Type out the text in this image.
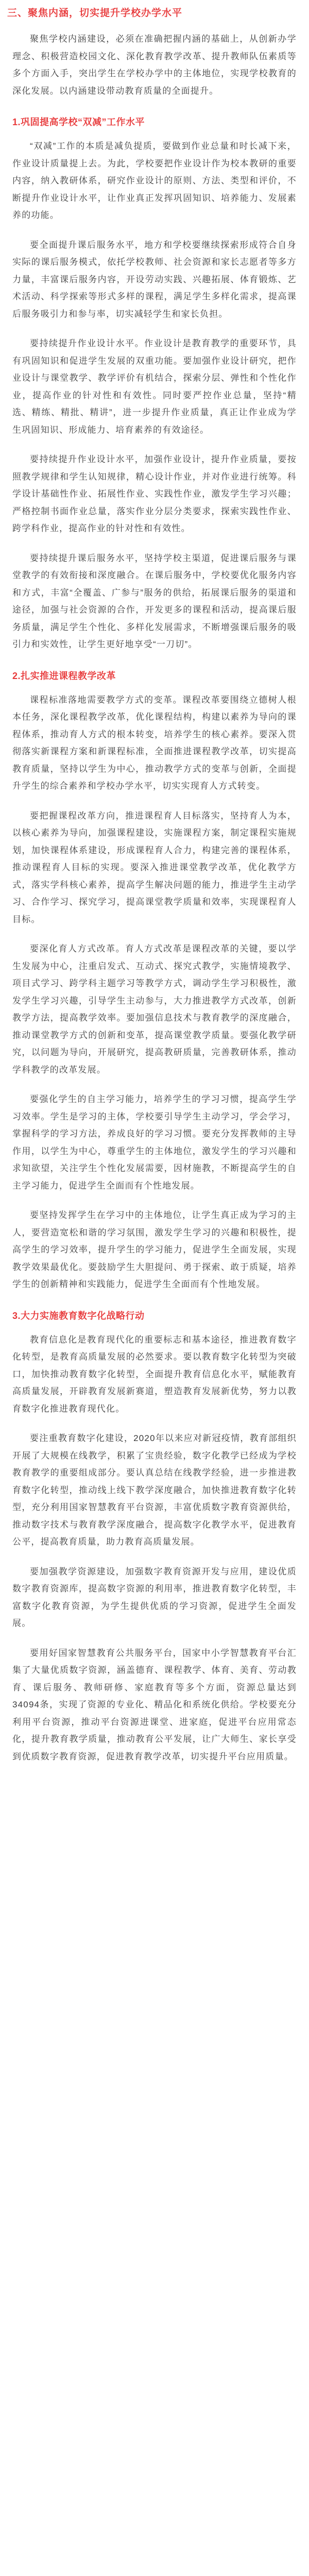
三、聚焦内涵，切实提升学校办学水平

聚焦学校内涵建设，必须在准确把握内涵的基础上，从创新办学理念、积极营造校园文化、深化教育教学改革、提升教师队伍素质等多个方面入手，突出学生在学校办学中的主体地位，实现学校教育的深化发展。以内涵建设带动教育质量的全面提升。

1.巩固提高学校“双减”工作水平

“双减”工作的本质是减负提质，要做到作业总量和时长减下来，作业设计质量提上去。为此，学校要把作业设计作为校本教研的重要内容，纳入教研体系，研究作业设计的原则、方法、类型和评价，不断提升作业设计水平，让作业真正发挥巩固知识、培养能力、发展素养的功能。

要全面提升课后服务水平，地方和学校要继续探索形成符合自身实际的课后服务模式，依托学校教师、社会资源和家长志愿者等多方力量，丰富课后服务内容，开设劳动实践、兴趣拓展、体育锻炼、艺术活动、科学探索等形式多样的课程，满足学生多样化需求，提高课后服务吸引力和参与率，切实减轻学生和家长负担。

要持续提升作业设计水平。作业设计是教育教学的重要环节，具有巩固知识和促进学生发展的双重功能。要加强作业设计研究，把作业设计与课堂教学、教学评价有机结合，探索分层、弹性和个性化作业，提高作业的针对性和有效性。同时要严控作业总量，坚持“精选、精练、精批、精讲”，进一步提升作业质量，真正让作业成为学生巩固知识、形成能力、培育素养的有效途径。

要持续提升作业设计水平，加强作业设计，提升作业质量，要按照教学规律和学生认知规律，精心设计作业，并对作业进行统筹。科学设计基础性作业、拓展性作业、实践性作业，激发学生学习兴趣；严格控制书面作业总量，落实作业分层分类要求，探索实践性作业、跨学科作业，提高作业的针对性和有效性。

要持续提升课后服务水平，坚持学校主渠道，促进课后服务与课堂教学的有效衔接和深度融合。在课后服务中，学校要优化服务内容和方式，丰富“全覆盖、广参与”服务的供给，拓展课后服务的渠道和途径，加强与社会资源的合作，开发更多的课程和活动，提高课后服务质量，满足学生个性化、多样化发展需求，不断增强课后服务的吸引力和实效性，让学生更好地享受“一刀切”。

2.扎实推进课程教学改革

课程标准落地需要教学方式的变革。课程改革要围绕立德树人根本任务，深化课程教学改革，优化课程结构，构建以素养为导向的课程体系，推动育人方式的根本转变，培养学生的核心素养。要深入贯彻落实新课程方案和新课程标准，全面推进课程教学改革，切实提高教育质量，坚持以学生为中心，推动教学方式的变革与创新，全面提升学生的综合素养和学校办学水平，切实实现育人方式转变。

要把握课程改革方向，推进课程育人目标落实，坚持育人为本，以核心素养为导向，加强课程建设，实施课程方案，制定课程实施规划，加快课程体系建设，形成课程育人合力，构建完善的课程体系，推动课程育人目标的实现。要深入推进课堂教学改革，优化教学方式，落实学科核心素养，提高学生解决问题的能力，推进学生主动学习、合作学习、探究学习，提高课堂教学质量和效率，实现课程育人目标。

要深化育人方式改革。育人方式改革是课程改革的关键，要以学生发展为中心，注重启发式、互动式、探究式教学，实施情境教学、项目式学习、跨学科主题学习等教学方式，调动学生学习积极性，激发学生学习兴趣，引导学生主动参与，大力推进教学方式改革，创新教学方法，提高教学效率。要加强信息技术与教育教学的深度融合，推动课堂教学方式的创新和变革，提高课堂教学质量。要强化教学研究，以问题为导向，开展研究，提高教研质量，完善教研体系，推动学科教学的改革发展。

要强化学生的自主学习能力，培养学生的学习习惯，提高学生学习效率。学生是学习的主体，学校要引导学生主动学习，学会学习，掌握科学的学习方法，养成良好的学习习惯。要充分发挥教师的主导作用，以学生为中心，尊重学生的主体地位，激发学生的学习兴趣和求知欲望，关注学生个性化发展需要，因材施教，不断提高学生的自主学习能力，促进学生全面而有个性地发展。

要坚持发挥学生在学习中的主体地位，让学生真正成为学习的主人，要营造宽松和谐的学习氛围，激发学生学习的兴趣和积极性，提高学生的学习效率，提升学生的学习能力，促进学生全面发展，实现教学效果最优化。要鼓励学生大胆提问、勇于探索、敢于质疑，培养学生的创新精神和实践能力，促进学生全面而有个性地发展。

3.大力实施教育数字化战略行动

教育信息化是教育现代化的重要标志和基本途径，推进教育数字化转型，是教育高质量发展的必然要求。要以教育数字化转型为突破口，加快推动教育数字化转型，全面提升教育信息化水平，赋能教育高质量发展，开辟教育发展新赛道，塑造教育发展新优势，努力以教育数字化推进教育现代化。

要注重教育数字化建设，2020年以来应对新冠疫情，教育部组织开展了大规模在线教学，积累了宝贵经验，数字化教学已经成为学校教育教学的重要组成部分。要认真总结在线教学经验，进一步推进教育数字化转型，推动线上线下教学深度融合，加快推进教育数字化转型，充分利用国家智慧教育平台资源，丰富优质数字教育资源供给，推动数字技术与教育教学深度融合，提高数字化教学水平，促进教育公平，提高教育质量，助力教育高质量发展。

要加强教学资源建设，加强数字教育资源开发与应用，建设优质数字教育资源库，提高数字资源的利用率，推进教育数字化转型，丰富数字化教育资源，为学生提供优质的学习资源，促进学生全面发展。

要用好国家智慧教育公共服务平台，国家中小学智慧教育平台汇集了大量优质数字资源，涵盖德育、课程教学、体育、美育、劳动教育、课后服务、教师研修、家庭教育等多个方面，资源总量达到34094条，实现了资源的专业化、精品化和系统化供给。学校要充分利用平台资源，推动平台资源进课堂、进家庭，促进平台应用常态化，提升教育教学质量，推动教育公平发展，让广大师生、家长享受到优质数字教育资源，促进教育教学改革，切实提升平台应用质量。
